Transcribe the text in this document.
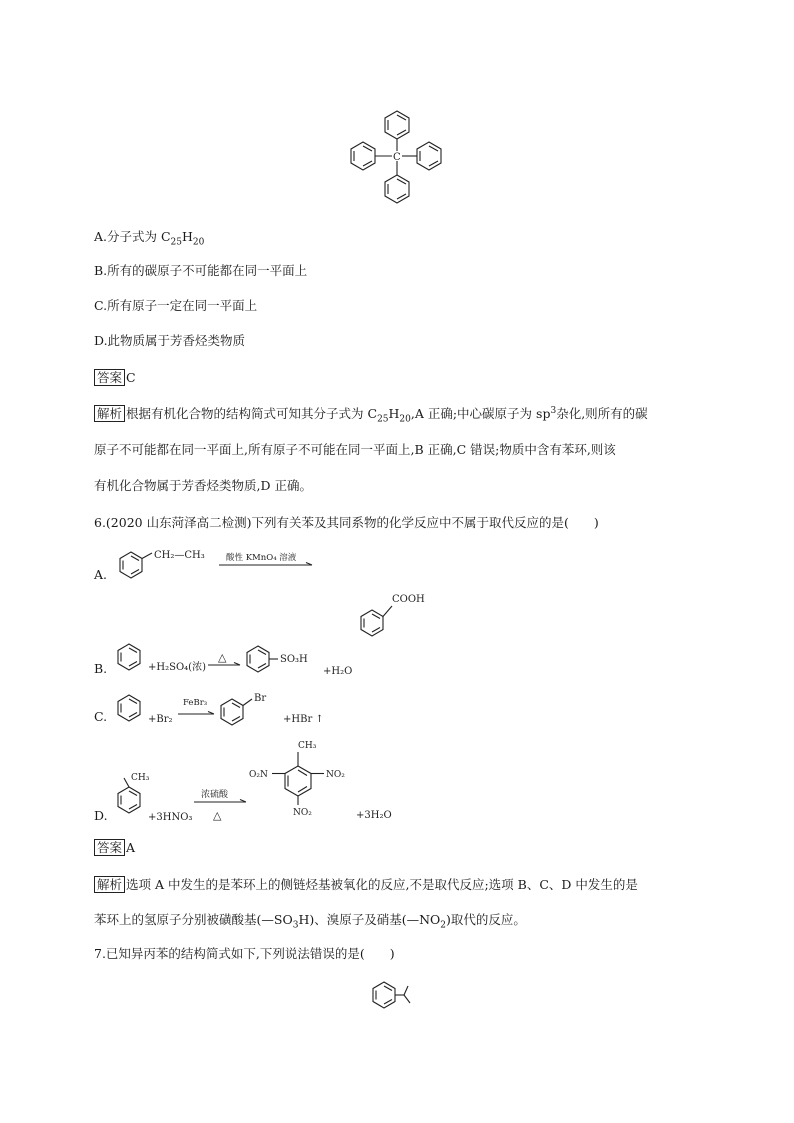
C
A.分子式为 $C_{25}H_{20}$
B.所有的碳原子不可能都在同一平面上
C.所有原子一定在同一平面上
D.此物质属于芳香烃类物质
答案 C
解析 根据有机化合物的结构简式可知其分子式为 $C_{25}H_{20},A$ 正确;中心碳原子为 $sp^3$杂化,则所有的碳
原子不可能都在同一平面上,所有原子不可能在同一平面上,B 正确,C 错误;物质中含有苯环,则该
有机化合物属于芳香烃类物质,D 正确。
6.(2020 山东菏泽高二检测)下列有关苯及其同系物的化学反应中不属于取代反应的是(　　)
A.
CH₂—CH₃ 酸性 KMnO₄ 溶液
COOH
B.	+H₂SO₄(浓)
△	SO₃H
+H₂O
C.	+Br₂
FeBr₃	Br
+HBr ↑
D.
CH₃
+3HNO₃
浓硫酸
△
CH₃
O₂N	NO₂
NO₂	+3H₂O
答案 A
解析 选项 A 中发生的是苯环上的侧链烃基被氧化的反应,不是取代反应;选项 B、C、D 中发生的是
苯环上的氢原子分别被磺酸基$(—SO_3H)$、溴原子及硝基$(—NO_2)$取代的反应。
7.已知异丙苯的结构简式如下,下列说法错误的是(　　)
